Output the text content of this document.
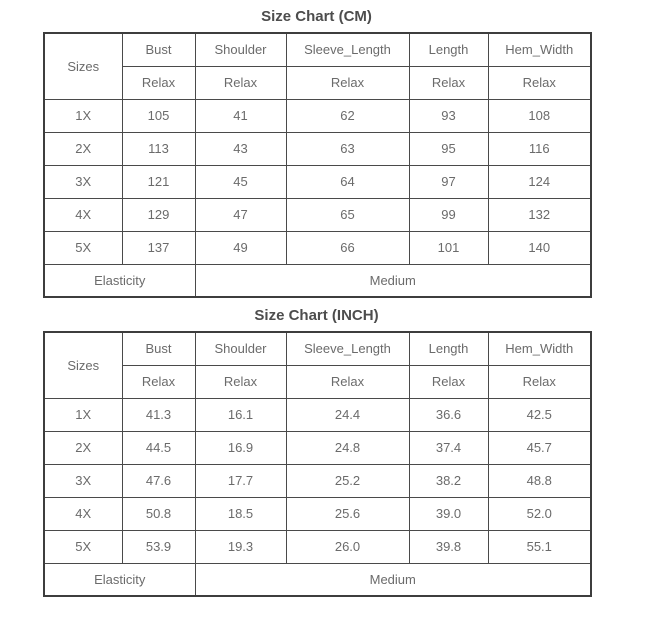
Size Chart (CM)
Sizes	Bust	Shoulder	Sleeve_Length	Length	Hem_Width
	Relax	Relax	Relax	Relax	Relax
1X	105	41	62	93	108
2X	113	43	63	95	116
3X	121	45	64	97	124
4X	129	47	65	99	132
5X	137	49	66	101	140
Elasticity		Medium			
Size Chart (INCH)
Sizes	Bust	Shoulder	Sleeve_Length	Length	Hem_Width
	Relax	Relax	Relax	Relax	Relax
1X	41.3	16.1	24.4	36.6	42.5
2X	44.5	16.9	24.8	37.4	45.7
3X	47.6	17.7	25.2	38.2	48.8
4X	50.8	18.5	25.6	39.0	52.0
5X	53.9	19.3	26.0	39.8	55.1
Elasticity		Medium			
